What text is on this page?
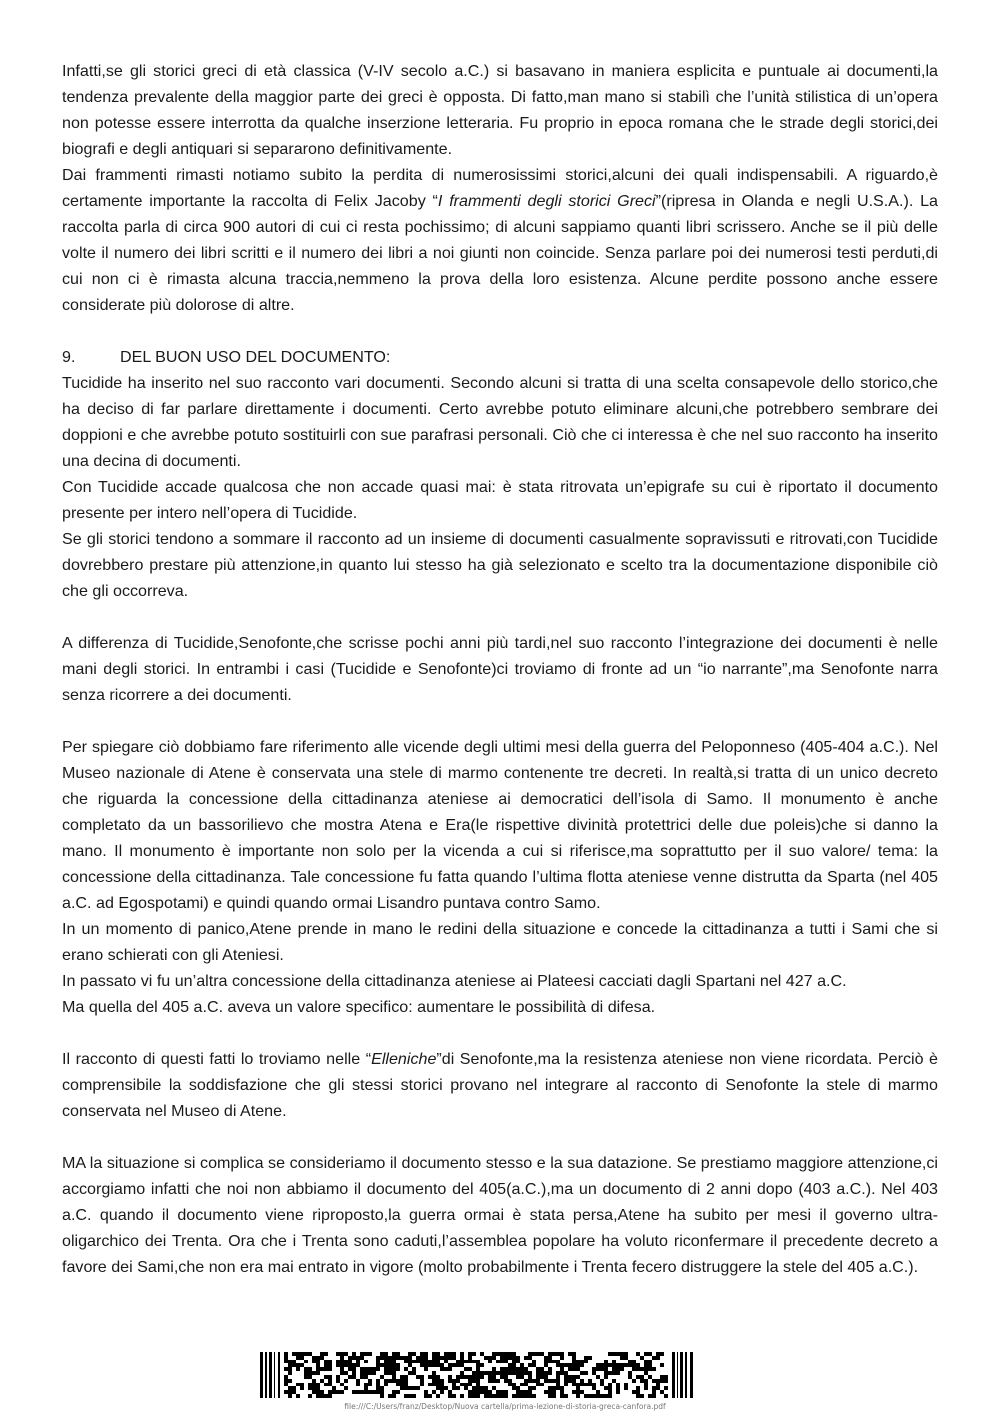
Infatti,se gli storici greci di età classica (V-IV secolo a.C.) si basavano in maniera esplicita e puntuale ai documenti,la tendenza prevalente della maggior parte dei greci è opposta. Di fatto,man mano si stabilì che l’unità stilistica di un’opera non potesse essere interrotta da qualche inserzione letteraria. Fu proprio in epoca romana che le strade degli storici,dei biografi e degli antiquari si separarono definitivamente.

Dai frammenti rimasti notiamo subito la perdita di numerosissimi storici,alcuni dei quali indispensabili. A riguardo,è certamente importante la raccolta di Felix Jacoby “I frammenti degli storici Greci”(ripresa in Olanda e negli U.S.A.). La raccolta parla di circa 900 autori di cui ci resta pochissimo; di alcuni sappiamo quanti libri scrissero. Anche se il più delle volte il numero dei libri scritti e il numero dei libri a noi giunti non coincide. Senza parlare poi dei numerosi testi perduti,di cui non ci è rimasta alcuna traccia,nemmeno la prova della loro esistenza. Alcune perdite possono anche essere considerate più dolorose di altre.

9.	DEL BUON USO DEL DOCUMENTO:

Tucidide ha inserito nel suo racconto vari documenti. Secondo alcuni si tratta di una scelta consapevole dello storico,che ha deciso di far parlare direttamente i documenti. Certo avrebbe potuto eliminare alcuni,che potrebbero sembrare dei doppioni e che avrebbe potuto sostituirli con sue parafrasi personali. Ciò che ci interessa è che nel suo racconto ha inserito una decina di documenti.

Con Tucidide accade qualcosa che non accade quasi mai: è stata ritrovata un’epigrafe su cui è riportato il documento presente per intero nell’opera di Tucidide.

Se gli storici tendono a sommare il racconto ad un insieme di documenti casualmente sopravissuti e ritrovati,con Tucidide dovrebbero prestare più attenzione,in quanto lui stesso ha già selezionato e scelto tra la documentazione disponibile ciò che gli occorreva.

A differenza di Tucidide,Senofonte,che scrisse pochi anni più tardi,nel suo racconto l’integrazione dei documenti è nelle mani degli storici. In entrambi i casi (Tucidide e Senofonte)ci troviamo di fronte ad un “io narrante”,ma Senofonte narra senza ricorrere a dei documenti.

Per spiegare ciò dobbiamo fare riferimento alle vicende degli ultimi mesi della guerra del Peloponneso (405-404 a.C.). Nel Museo nazionale di Atene è conservata una stele di marmo contenente tre decreti. In realtà,si tratta di un unico decreto che riguarda la concessione della cittadinanza ateniese ai democratici dell’isola di Samo. Il monumento è anche completato da un bassorilievo che mostra Atena e Era(le rispettive divinità protettrici delle due poleis)che si danno la mano. Il monumento è importante non solo per la vicenda a cui si riferisce,ma soprattutto per il suo valore/ tema: la concessione della cittadinanza. Tale concessione fu fatta quando l’ultima flotta ateniese venne distrutta da Sparta (nel 405 a.C. ad Egospotami) e quindi quando ormai Lisandro puntava contro Samo.

In un momento di panico,Atene prende in mano le redini della situazione e concede la cittadinanza a tutti i Sami che si erano schierati con gli Ateniesi.

In passato vi fu un’altra concessione della cittadinanza ateniese ai Plateesi cacciati dagli Spartani nel 427 a.C.

Ma quella del 405 a.C. aveva un valore specifico: aumentare le possibilità di difesa.

Il racconto di questi fatti lo troviamo nelle “Elleniche”di Senofonte,ma la resistenza ateniese non viene ricordata. Perciò è comprensibile la soddisfazione che gli stessi storici provano nel integrare al racconto di Senofonte la stele di marmo conservata nel Museo di Atene.

MA la situazione si complica se consideriamo il documento stesso e la sua datazione. Se prestiamo maggiore attenzione,ci accorgiamo infatti che noi non abbiamo il documento del 405(a.C.),ma un documento di 2 anni dopo (403 a.C.). Nel 403 a.C. quando il documento viene riproposto,la guerra ormai è stata persa,Atene ha subito per mesi il governo ultra-oligarchico dei Trenta. Ora che i Trenta sono caduti,l’assemblea popolare ha voluto riconfermare il precedente decreto a favore dei Sami,che non era mai entrato in vigore (molto probabilmente i Trenta fecero distruggere la stele del 405 a.C.).

file:///C:/Users/franz/Desktop/Nuova cartella/prima-lezione-di-storia-greca-canfora.pdf
